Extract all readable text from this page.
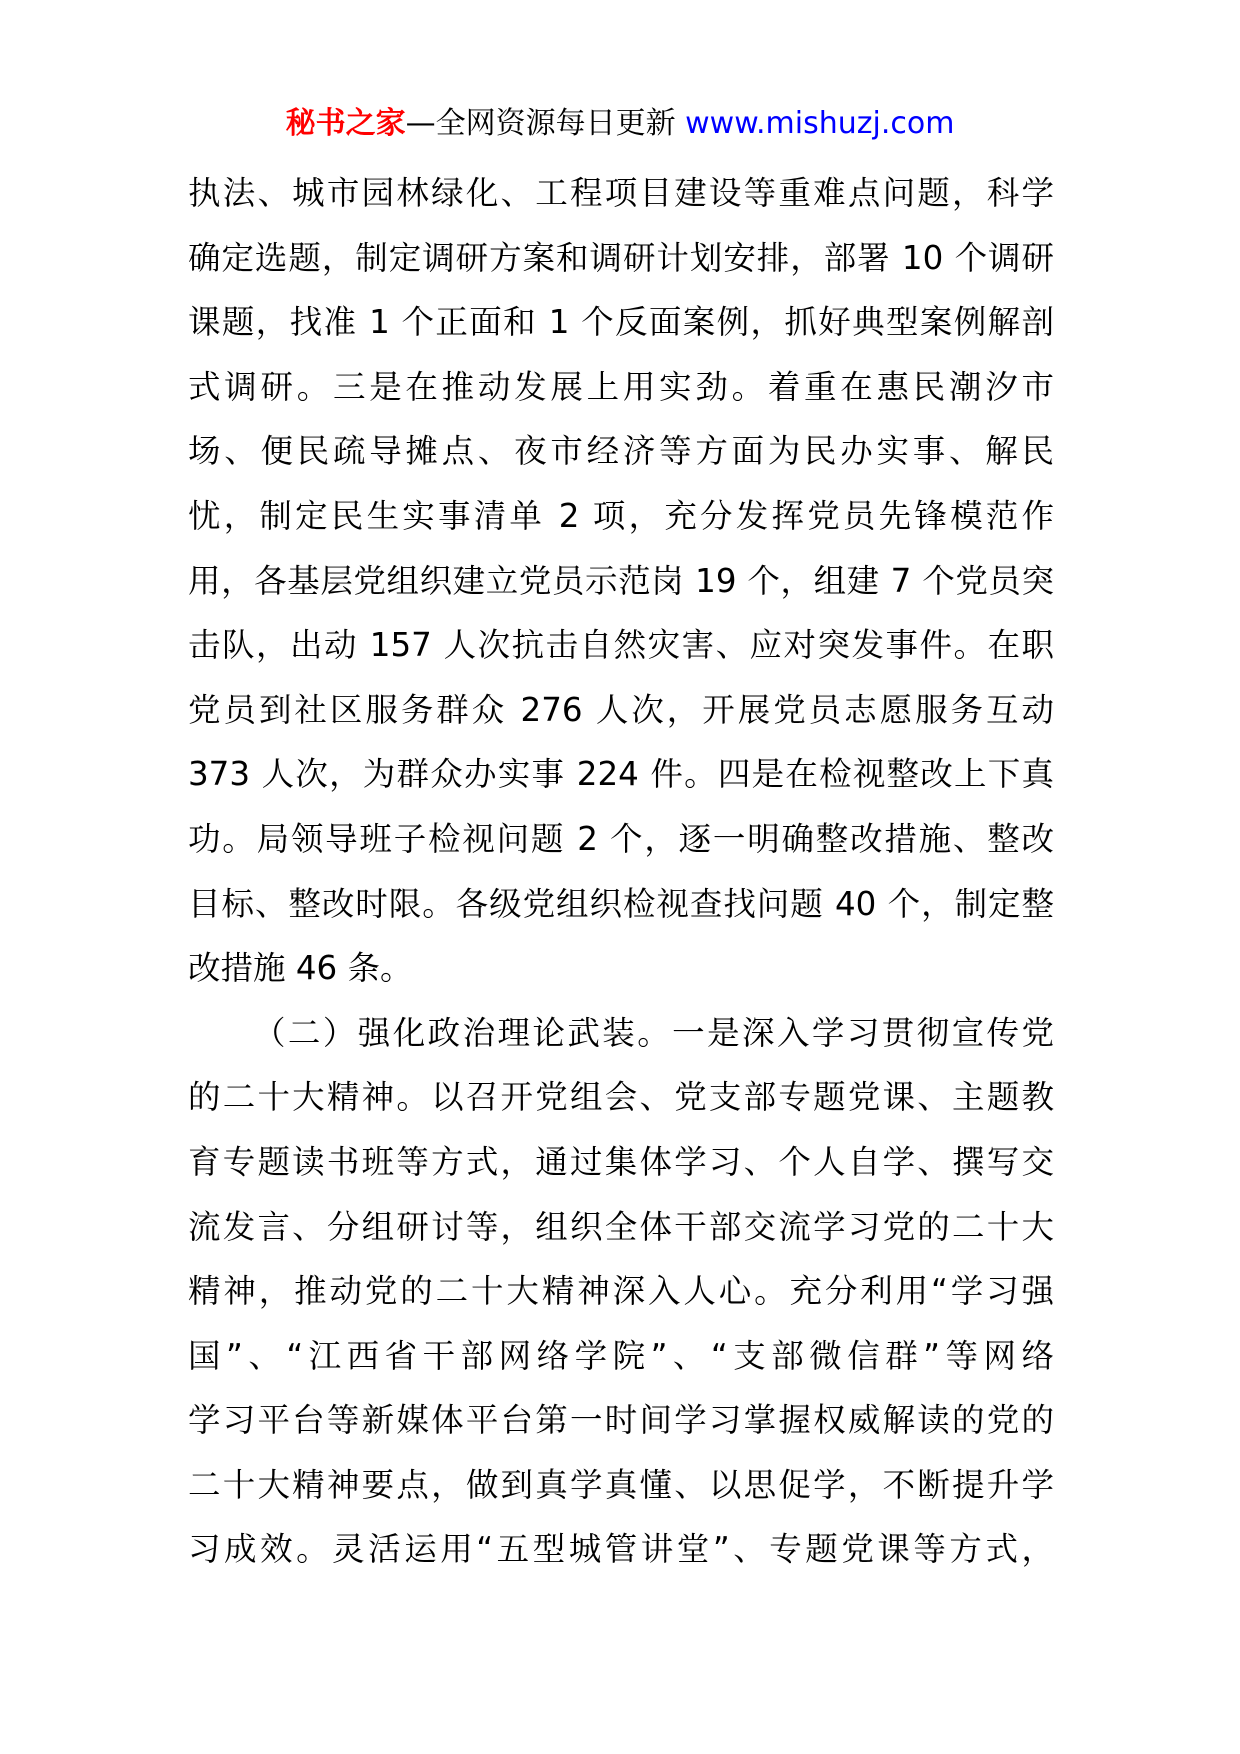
秘书之家—全网资源每日更新 www.mishuzj.com
执法、城市园林绿化、工程项目建设等重难点问题，科学
确定选题，制定调研方案和调研计划安排，部署 10 个调研
课题，找准 1 个正面和 1 个反面案例，抓好典型案例解剖
式调研。三是在推动发展上用实劲。着重在惠民潮汐市
场、便民疏导摊点、夜市经济等方面为民办实事、解民
忧，制定民生实事清单 2 项，充分发挥党员先锋模范作
用，各基层党组织建立党员示范岗 19 个，组建 7 个党员突
击队，出动 157 人次抗击自然灾害、应对突发事件。在职
党员到社区服务群众 276 人次，开展党员志愿服务互动
373 人次，为群众办实事 224 件。四是在检视整改上下真
功。局领导班子检视问题 2 个，逐一明确整改措施、整改
目标、整改时限。各级党组织检视查找问题 40 个，制定整
改措施 46 条。
（二）强化政治理论武装。一是深入学习贯彻宣传党
的二十大精神。以召开党组会、党支部专题党课、主题教
育专题读书班等方式，通过集体学习、个人自学、撰写交
流发言、分组研讨等，组织全体干部交流学习党的二十大
精神，推动党的二十大精神深入人心。充分利用“学习强
国”、“江西省干部网络学院”、“支部微信群”等网络
学习平台等新媒体平台第一时间学习掌握权威解读的党的
二十大精神要点，做到真学真懂、以思促学，不断提升学
习成效。灵活运用“五型城管讲堂”、专题党课等方式，
